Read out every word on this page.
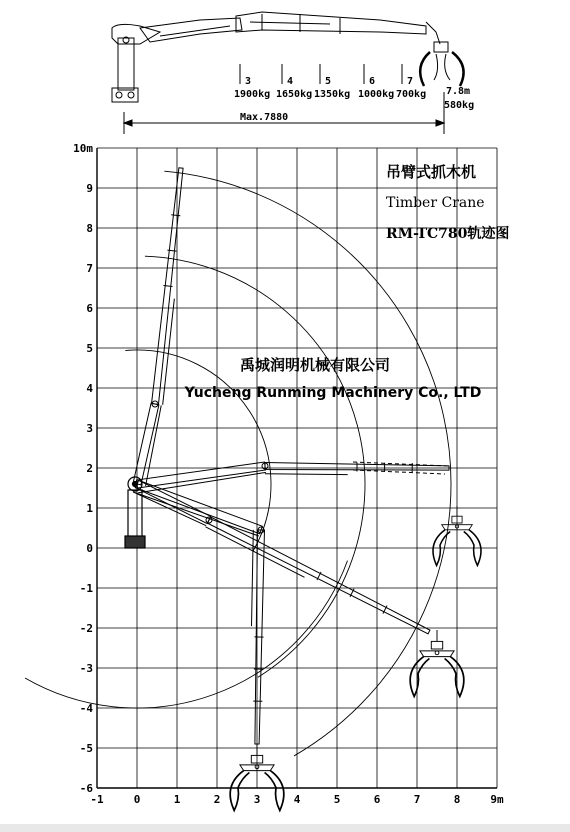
3
1900kg
4
1650kg
5
1350kg
6
1000kg
7
700kg 7.8m
580kg
Max.7880
-1	0	1	2	3	4	5	6	7	8	9m
10m
9
8
7
6
5
4
3
2
1
0
-1
-2
-3
-4
-5
-6
吊臂式抓木机
Timber Crane
RM-TC780轨迹图
禹城润明机械有限公司
Yucheng Runming Machinery Co., LTD
